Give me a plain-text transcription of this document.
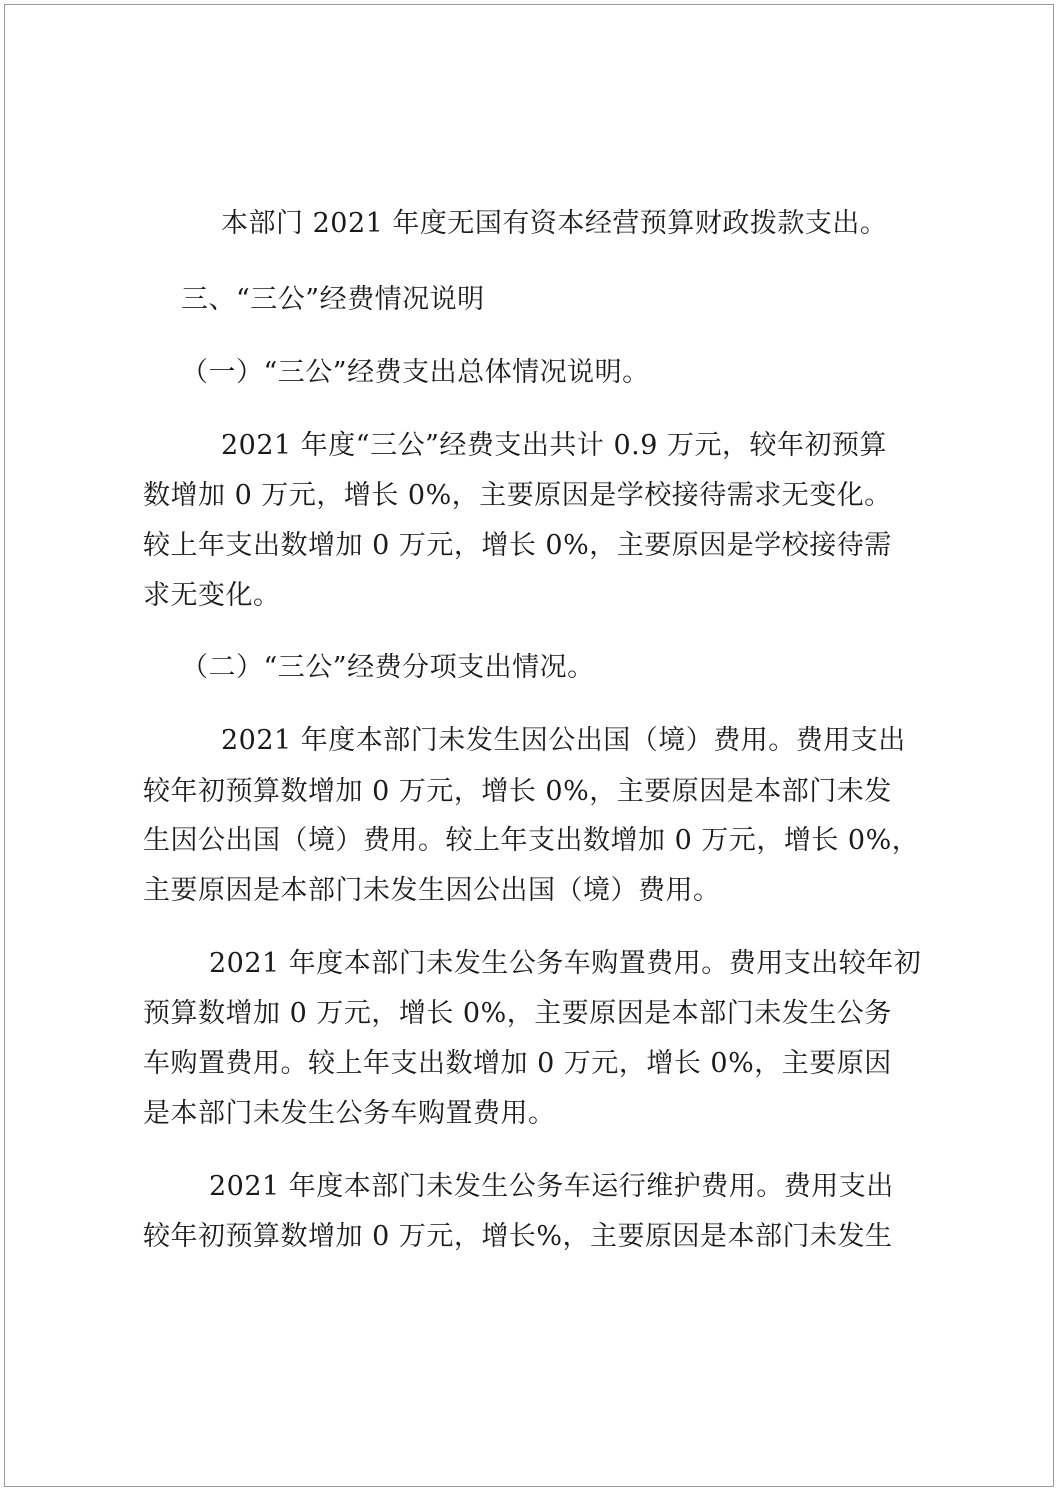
本部门 2021 年度无国有资本经营预算财政拨款支出。
三、“三公”经费情况说明
（一）“三公”经费支出总体情况说明。
2021 年度“三公”经费支出共计 0.9 万元，较年初预算
数增加 0 万元，增长 0%，主要原因是学校接待需求无变化。
较上年支出数增加 0 万元，增长 0%，主要原因是学校接待需
求无变化。
（二）“三公”经费分项支出情况。
2021 年度本部门未发生因公出国（境）费用。费用支出
较年初预算数增加 0 万元，增长 0%，主要原因是本部门未发
生因公出国（境）费用。较上年支出数增加 0 万元，增长 0%，
主要原因是本部门未发生因公出国（境）费用。
2021 年度本部门未发生公务车购置费用。费用支出较年初
预算数增加 0 万元，增长 0%，主要原因是本部门未发生公务
车购置费用。较上年支出数增加 0 万元，增长 0%，主要原因
是本部门未发生公务车购置费用。
2021 年度本部门未发生公务车运行维护费用。费用支出
较年初预算数增加 0 万元，增长%，主要原因是本部门未发生
